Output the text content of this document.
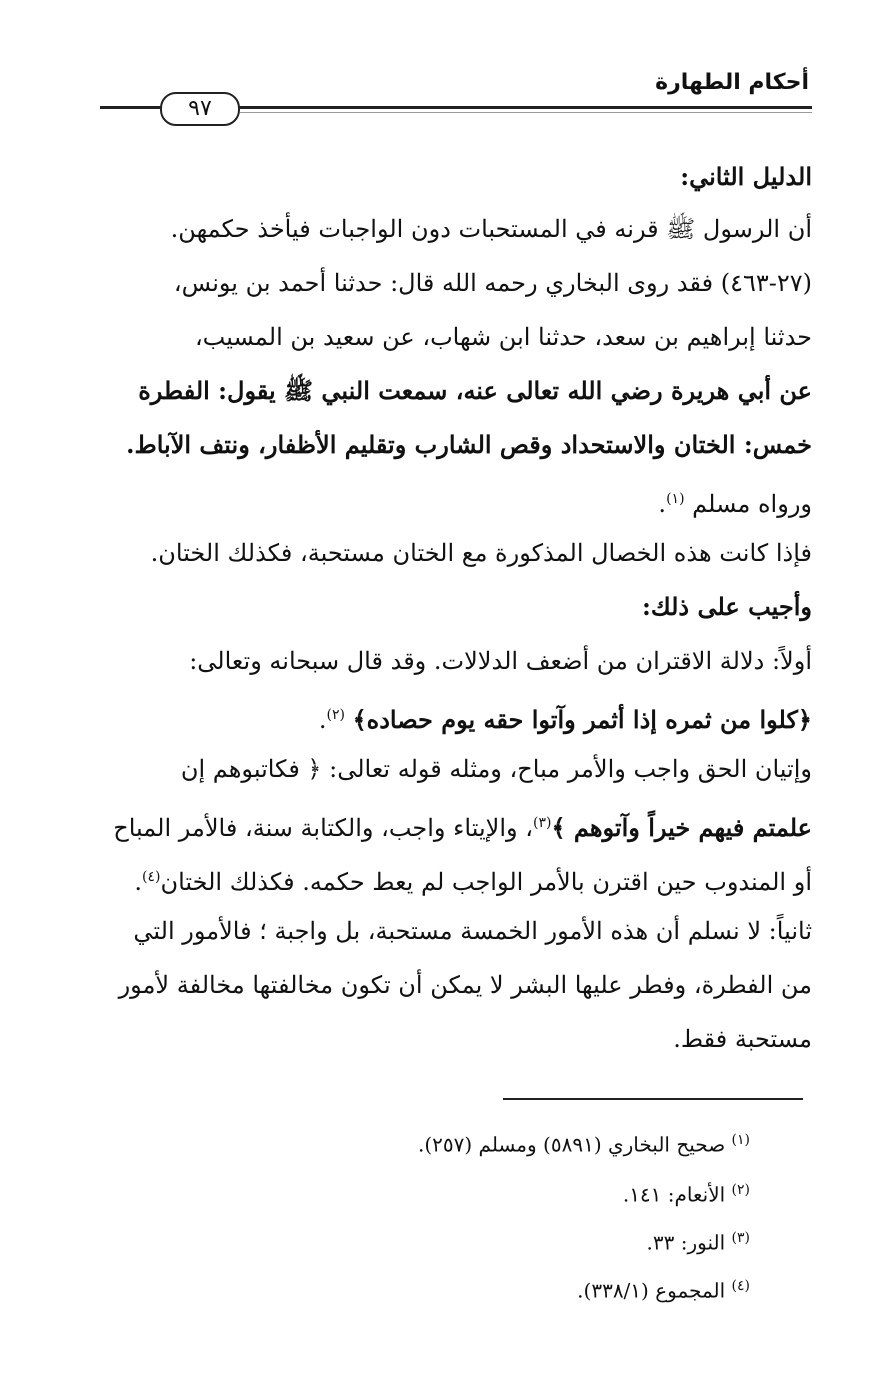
أحكام الطهارة
٩٧
الدليل الثاني:
أن الرسول ﷺ قرنه في المستحبات دون الواجبات فيأخذ حكمهن.
(٢٧-٤٦٣) فقد روى البخاري رحمه الله قال: حدثنا أحمد بن يونس،
حدثنا إبراهيم بن سعد، حدثنا ابن شهاب، عن سعيد بن المسيب،
عن أبي هريرة رضي الله تعالى عنه، سمعت النبي ﷺ يقول: الفطرة
خمس: الختان والاستحداد وقص الشارب وتقليم الأظفار، ونتف الآباط.
ورواه مسلم $^{(١)}$.
فإذا كانت هذه الخصال المذكورة مع الختان مستحبة، فكذلك الختان.
وأجيب على ذلك:
أولاً: دلالة الاقتران من أضعف الدلالات. وقد قال سبحانه وتعالى:
﴿كلوا من ثمره إذا أثمر وآتوا حقه يوم حصاده﴾ $^{(٢)}$.
وإتيان الحق واجب والأمر مباح، ومثله قوله تعالى: ﴿ فكاتبوهم إن
علمتم فيهم خيراً وآتوهم ﴾$^{(٣)}$، والإيتاء واجب، والكتابة سنة، فالأمر المباح
أو المندوب حين اقترن بالأمر الواجب لم يعط حكمه. فكذلك الختان$^{(٤)}$.
ثانياً: لا نسلم أن هذه الأمور الخمسة مستحبة، بل واجبة ؛ فالأمور التي
من الفطرة، وفطر عليها البشر لا يمكن أن تكون مخالفتها مخالفة لأمور
مستحبة فقط.
$^{(١)}$ صحيح البخاري (٥٨٩١) ومسلم (٢٥٧).
$^{(٢)}$ الأنعام: ١٤١.
$^{(٣)}$ النور: ٣٣.
$^{(٤)}$ المجموع (٣٣٨/١).
